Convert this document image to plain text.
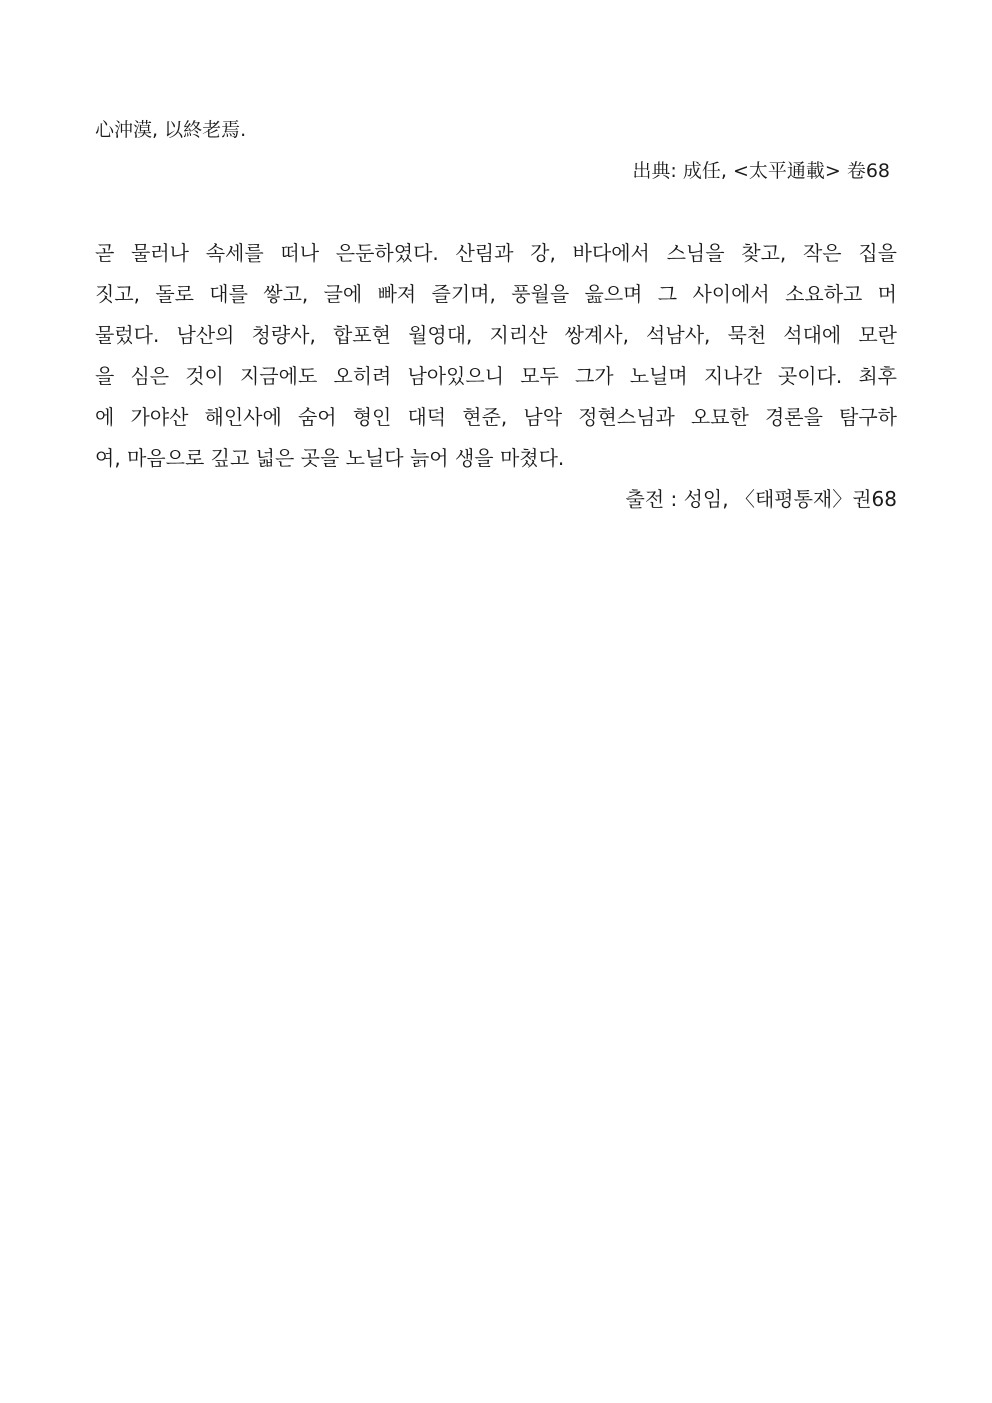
心沖漠, 以終老焉.
出典: 成任, <太平通載> 卷68
곧 물러나 속세를 떠나 은둔하였다. 산림과 강, 바다에서 스님을 찾고, 작은 집을
짓고, 돌로 대를 쌓고, 글에 빠져 즐기며, 풍월을 읊으며 그 사이에서 소요하고 머
물렀다. 남산의 청량사, 합포현 월영대, 지리산 쌍계사, 석남사, 묵천 석대에 모란
을 심은 것이 지금에도 오히려 남아있으니 모두 그가 노닐며 지나간 곳이다. 최후
에 가야산 해인사에 숨어 형인 대덕 현준, 남악 정현스님과 오묘한 경론을 탐구하
여, 마음으로 깊고 넓은 곳을 노닐다 늙어 생을 마쳤다.
출전 : 성임, 〈태평통재〉권68
